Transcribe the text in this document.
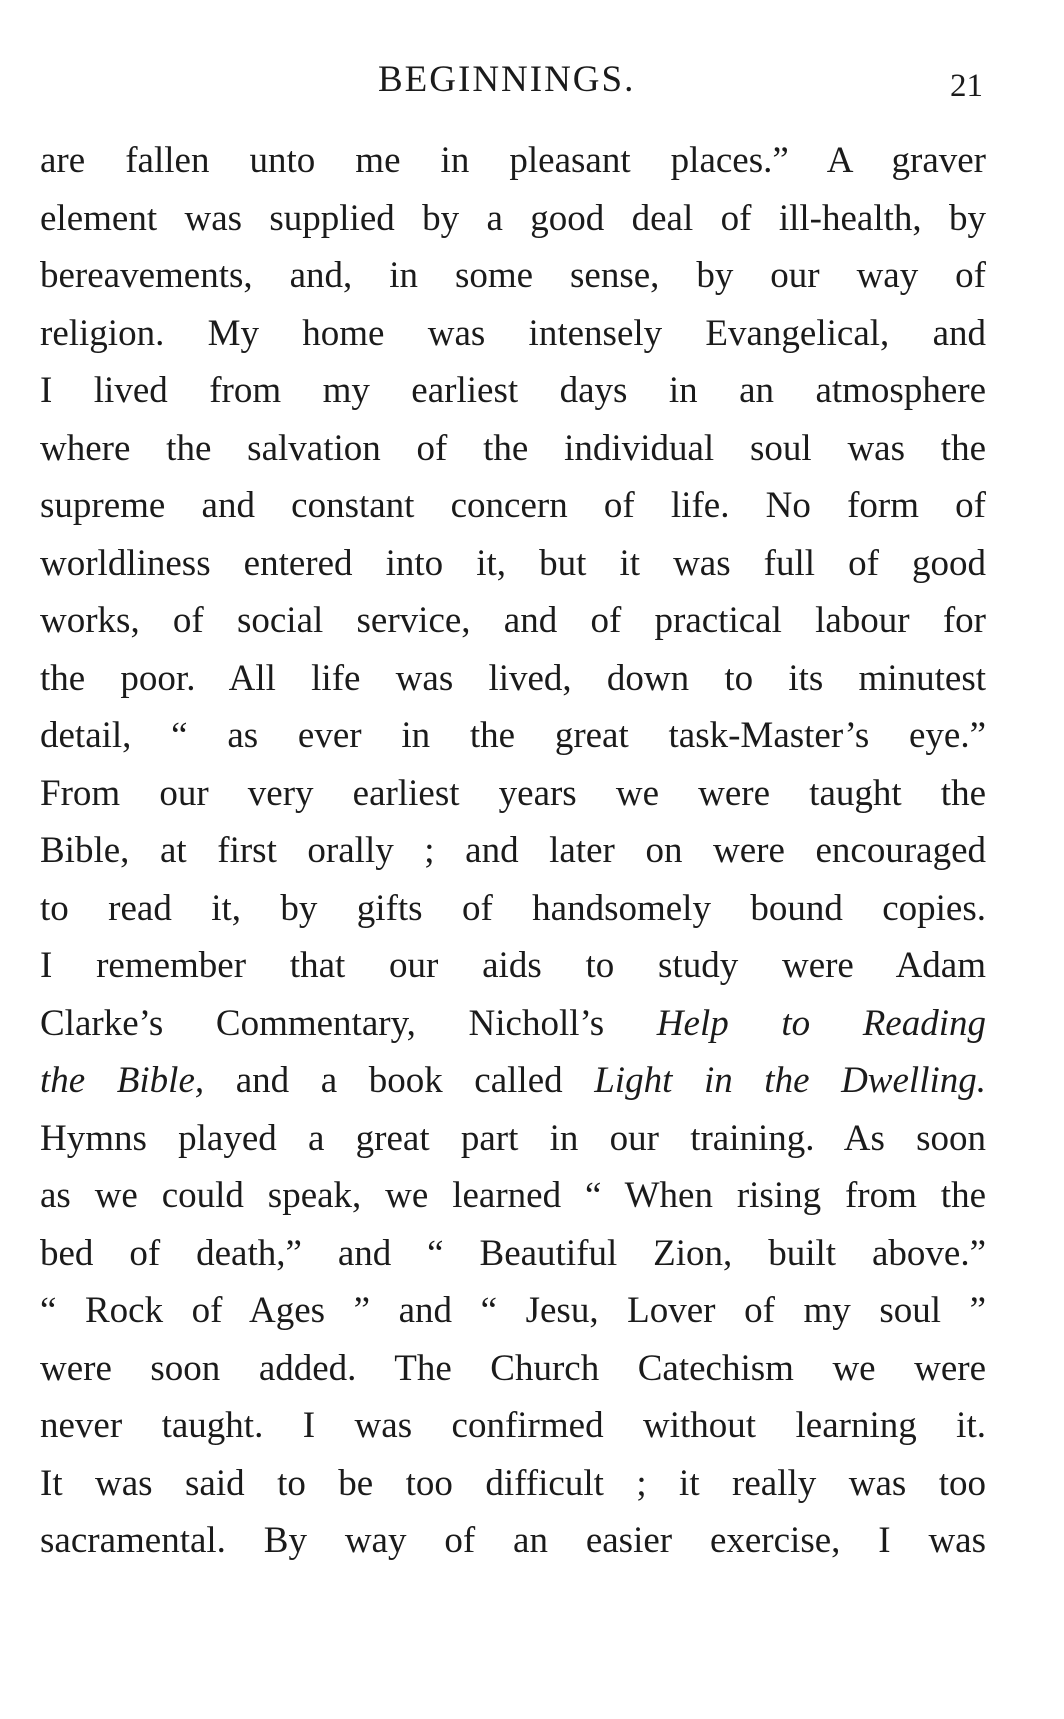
BEGINNINGS.	21
are fallen unto me in pleasant places.” A graver
element was supplied by a good deal of ill-health, by
bereavements, and, in some sense, by our way of
religion. My home was intensely Evangelical, and
I lived from my earliest days in an atmosphere
where the salvation of the individual soul was the
supreme and constant concern of life. No form of
worldliness entered into it, but it was full of good
works, of social service, and of practical labour for
the poor. All life was lived, down to its minutest
detail, “ as ever in the great task-Master’s eye.”
From our very earliest years we were taught the
Bible, at first orally ; and later on were encouraged
to read it, by gifts of handsomely bound copies.
I remember that our aids to study were Adam
Clarke’s Commentary, Nicholl’s Help to Reading
the Bible, and a book called Light in the Dwelling.
Hymns played a great part in our training. As soon
as we could speak, we learned “ When rising from the
bed of death,” and “ Beautiful Zion, built above.”
“ Rock of Ages ” and “ Jesu, Lover of my soul ”
were soon added. The Church Catechism we were
never taught. I was confirmed without learning it.
It was said to be too difficult ; it really was too
sacramental. By way of an easier exercise, I was
